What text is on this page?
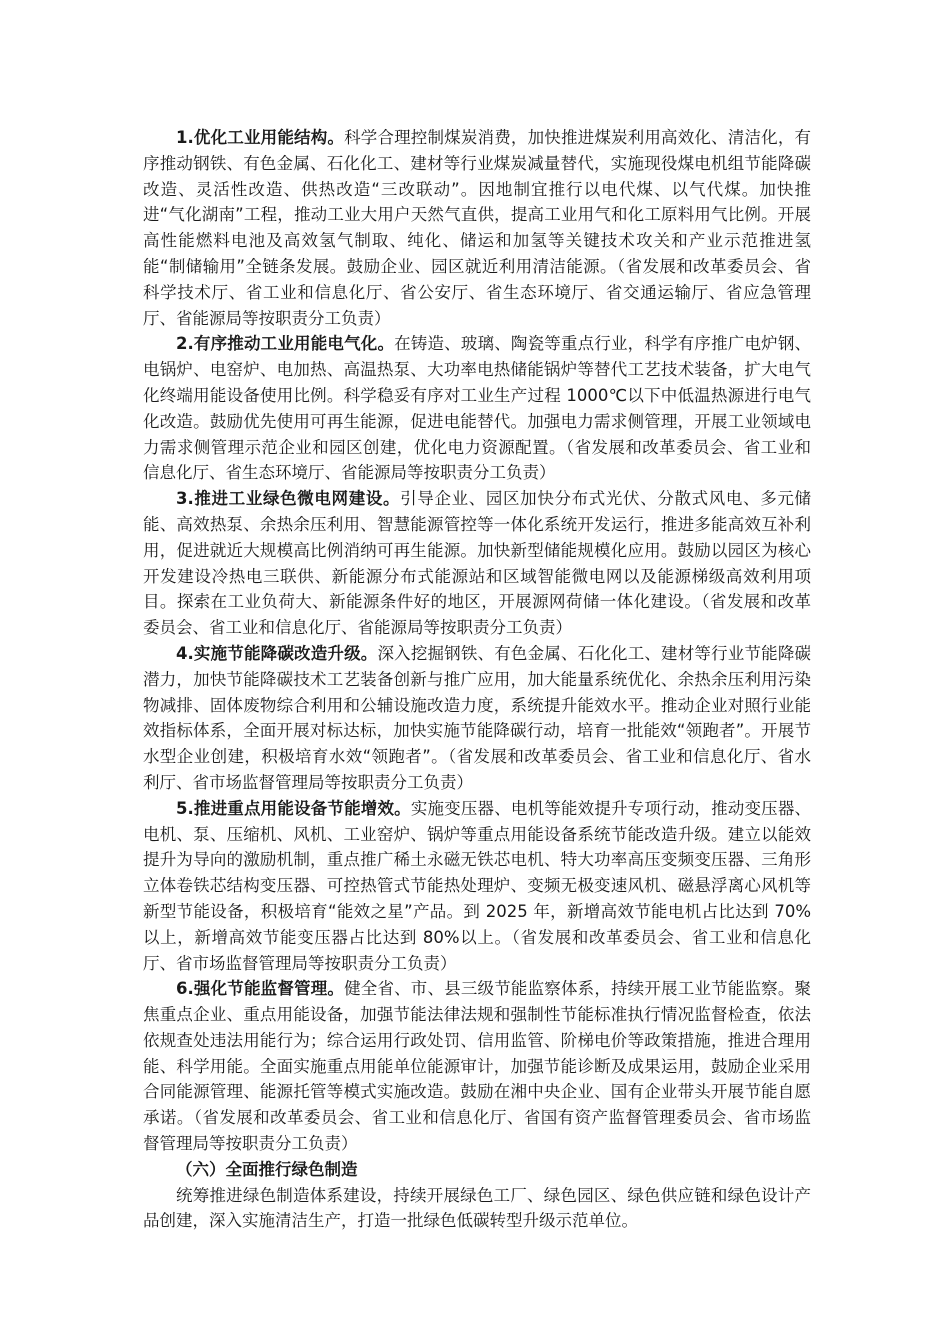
1.优化工业用能结构。科学合理控制煤炭消费，加快推进煤炭利用高效化、清洁化，有序推动钢铁、有色金属、石化化工、建材等行业煤炭减量替代，实施现役煤电机组节能降碳改造、灵活性改造、供热改造“三改联动”。因地制宜推行以电代煤、以气代煤。加快推进“气化湖南”工程，推动工业大用户天然气直供，提高工业用气和化工原料用气比例。开展高性能燃料电池及高效氢气制取、纯化、储运和加氢等关键技术攻关和产业示范推进氢能“制储输用”全链条发展。鼓励企业、园区就近利用清洁能源。（省发展和改革委员会、省科学技术厅、省工业和信息化厅、省公安厅、省生态环境厅、省交通运输厅、省应急管理厅、省能源局等按职责分工负责）

2.有序推动工业用能电气化。在铸造、玻璃、陶瓷等重点行业，科学有序推广电炉钢、电锅炉、电窑炉、电加热、高温热泵、大功率电热储能锅炉等替代工艺技术装备，扩大电气化终端用能设备使用比例。科学稳妥有序对工业生产过程 1000℃以下中低温热源进行电气化改造。鼓励优先使用可再生能源，促进电能替代。加强电力需求侧管理，开展工业领域电力需求侧管理示范企业和园区创建，优化电力资源配置。（省发展和改革委员会、省工业和信息化厅、省生态环境厅、省能源局等按职责分工负责）

3.推进工业绿色微电网建设。引导企业、园区加快分布式光伏、分散式风电、多元储能、高效热泵、余热余压利用、智慧能源管控等一体化系统开发运行，推进多能高效互补利用，促进就近大规模高比例消纳可再生能源。加快新型储能规模化应用。鼓励以园区为核心开发建设冷热电三联供、新能源分布式能源站和区域智能微电网以及能源梯级高效利用项目。探索在工业负荷大、新能源条件好的地区，开展源网荷储一体化建设。（省发展和改革委员会、省工业和信息化厅、省能源局等按职责分工负责）

4.实施节能降碳改造升级。深入挖掘钢铁、有色金属、石化化工、建材等行业节能降碳潜力，加快节能降碳技术工艺装备创新与推广应用，加大能量系统优化、余热余压利用污染物减排、固体废物综合利用和公辅设施改造力度，系统提升能效水平。推动企业对照行业能效指标体系，全面开展对标达标，加快实施节能降碳行动，培育一批能效“领跑者”。开展节水型企业创建，积极培育水效“领跑者”。（省发展和改革委员会、省工业和信息化厅、省水利厅、省市场监督管理局等按职责分工负责）

5.推进重点用能设备节能增效。实施变压器、电机等能效提升专项行动，推动变压器、电机、泵、压缩机、风机、工业窑炉、锅炉等重点用能设备系统节能改造升级。建立以能效提升为导向的激励机制，重点推广稀土永磁无铁芯电机、特大功率高压变频变压器、三角形立体卷铁芯结构变压器、可控热管式节能热处理炉、变频无极变速风机、磁悬浮离心风机等新型节能设备，积极培育“能效之星”产品。到 2025 年，新增高效节能电机占比达到 70%以上，新增高效节能变压器占比达到 80%以上。（省发展和改革委员会、省工业和信息化厅、省市场监督管理局等按职责分工负责）

6.强化节能监督管理。健全省、市、县三级节能监察体系，持续开展工业节能监察。聚焦重点企业、重点用能设备，加强节能法律法规和强制性节能标准执行情况监督检查，依法依规查处违法用能行为；综合运用行政处罚、信用监管、阶梯电价等政策措施，推进合理用能、科学用能。全面实施重点用能单位能源审计，加强节能诊断及成果运用，鼓励企业采用合同能源管理、能源托管等模式实施改造。鼓励在湘中央企业、国有企业带头开展节能自愿承诺。（省发展和改革委员会、省工业和信息化厅、省国有资产监督管理委员会、省市场监督管理局等按职责分工负责）

（六）全面推行绿色制造

统筹推进绿色制造体系建设，持续开展绿色工厂、绿色园区、绿色供应链和绿色设计产品创建，深入实施清洁生产，打造一批绿色低碳转型升级示范单位。
